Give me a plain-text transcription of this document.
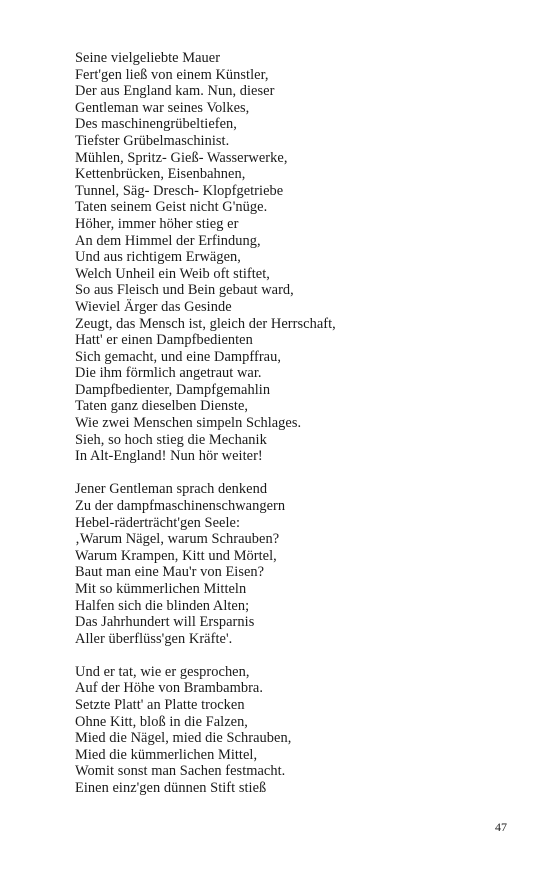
Seine vielgeliebte Mauer
Fert'gen ließ von einem Künstler,
Der aus England kam. Nun, dieser
Gentleman war seines Volkes,
Des maschinengrübeltiefen,
Tiefster Grübelmaschinist.
Mühlen, Spritz- Gieß- Wasserwerke,
Kettenbrücken, Eisenbahnen,
Tunnel, Säg- Dresch- Klopfgetriebe
Taten seinem Geist nicht G'nüge.
Höher, immer höher stieg er
An dem Himmel der Erfindung,
Und aus richtigem Erwägen,
Welch Unheil ein Weib oft stiftet,
So aus Fleisch und Bein gebaut ward,
Wieviel Ärger das Gesinde
Zeugt, das Mensch ist, gleich der Herrschaft,
Hatt' er einen Dampfbedienten
Sich gemacht, und eine Dampffrau,
Die ihm förmlich angetraut war.
Dampfbedienter, Dampfgemahlin
Taten ganz dieselben Dienste,
Wie zwei Menschen simpeln Schlages.
Sieh, so hoch stieg die Mechanik
In Alt-England! Nun hör weiter!

Jener Gentleman sprach denkend
Zu der dampfmaschinenschwangern
Hebel-räderträcht'gen Seele:
‚Warum Nägel, warum Schrauben?
Warum Krampen, Kitt und Mörtel,
Baut man eine Mau'r von Eisen?
Mit so kümmerlichen Mitteln
Halfen sich die blinden Alten;
Das Jahrhundert will Ersparnis
Aller überflüss'gen Kräfte'.

Und er tat, wie er gesprochen,
Auf der Höhe von Brambambra.
Setzte Platt' an Platte trocken
Ohne Kitt, bloß in die Falzen,
Mied die Nägel, mied die Schrauben,
Mied die kümmerlichen Mittel,
Womit sonst man Sachen festmacht.
Einen einz'gen dünnen Stift stieß

47
